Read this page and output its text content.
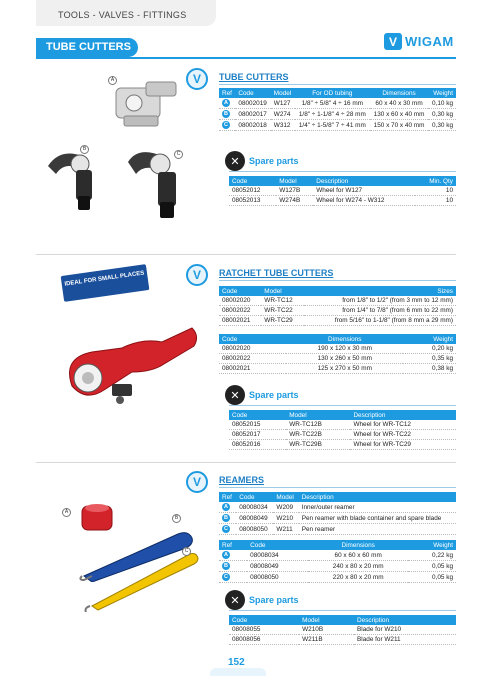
TOOLS - VALVES - FITTINGS
TUBE CUTTERS	V WIGAM
A
B
C
V	TUBE CUTTERS
Ref	Code	Model	For OD tubing	Dimensions	Weight
A	08002019	W127	1/8" ÷ 5/8" 4 ÷ 16 mm	60 x 40 x 30 mm	0,10 kg
B	08002017	W274	1/8" ÷ 1-1/8" 4 ÷ 28 mm	130 x 60 x 40 mm	0,30 kg
C	08002018	W312	1/4" ÷ 1-5/8" 7 ÷ 41 mm	150 x 70 x 40 mm	0,30 kg
✕	Spare parts
Code	Model	Description	Min. Qty
08052012	W127B	Wheel for W127	10
08052013	W274B	Wheel for W274 - W312	10
IDEAL FOR SMALL PLACES	V	RATCHET TUBE CUTTERS
Code	Model	Sizes
08002020	WR-TC12	from 1/8" to 1/2" (from 3 mm to 12 mm)
08002022	WR-TC22	from 1/4" to 7/8" (from 6 mm to 22 mm)
08002021	WR-TC29	from 5/16" to 1-1/8" (from 8 mm a 29 mm)
Code	Dimensions	Weight
08002020	190 x 120 x 30 mm	0,20 kg
08002022	130 x 260 x 50 mm	0,35 kg
08002021	125 x 270 x 50 mm	0,38 kg
✕	Spare parts
Code	Model	Description
08052015	WR-TC12B	Wheel for WR-TC12
08052017	WR-TC22B	Wheel for WR-TC22
08052016	WR-TC29B	Wheel for WR-TC29
A
B
C
V	REAMERS
Ref	Code	Model	Description
A	08008034	W209	Inner/outer reamer
B	08008049	W210	Pen reamer with blade container and spare blade
C	08008050	W211	Pen reamer
Ref	Code	Dimensions	Weight
A	08008034	60 x 60 x 60 mm	0,22 kg
B	08008049	240 x 80 x 20 mm	0,05 kg
C	08008050	220 x 80 x 20 mm	0,05 kg
✕	Spare parts
Code	Model	Description
08008055	W210B	Blade for W210
08008056	W211B	Blade for W211
152
